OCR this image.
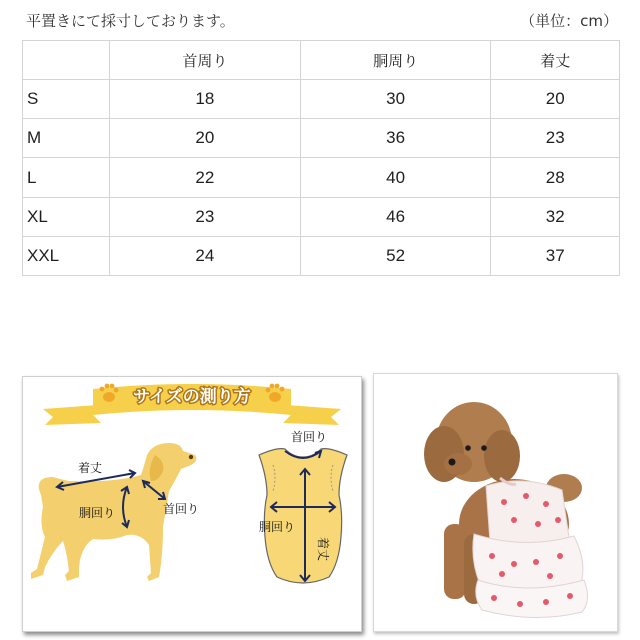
平置きにて採寸しております。	（単位：cm）
	首周り	胴周り	着丈
S	18	30	20
M	20	36	23
L	22	40	28
XL	23	46	32
XXL	24	52	37
サイズの測り方
着丈
胴回り	首回り
首回り
胴回り
着丈
